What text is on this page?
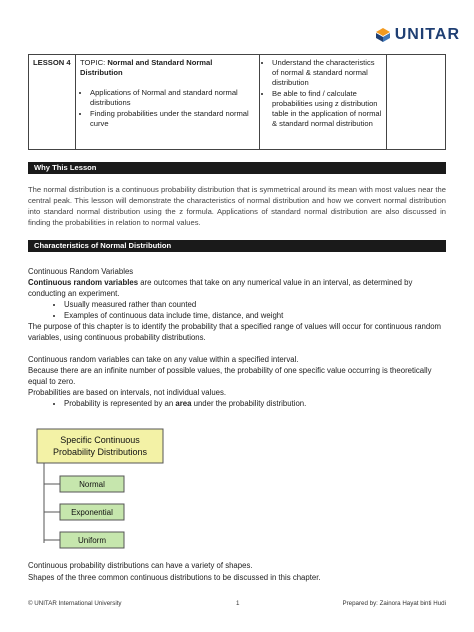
UNITAR
LESSON 4	TOPIC: Normal and Standard Normal Distribution
• Applications of Normal and standard normal distributions
• Finding probabilities under the standard normal curve

• Understand the characteristics of normal & standard normal distribution
• Be able to find / calculate probabilities using z distribution table in the application of normal & standard normal distribution

Why This Lesson
The normal distribution is a continuous probability distribution that is symmetrical around its mean with most values near the central peak. This lesson will demonstrate the characteristics of normal distribution and how we convert normal distribution into standard normal distribution using the z formula. Applications of standard normal distribution are also discussed in finding the probabilities in relation to normal values.
Characteristics of Normal Distribution

Continuous Random Variables

Continuous random variables are outcomes that take on any numerical value in an interval, as determined by conducting an experiment.

• Usually measured rather than counted
• Examples of continuous data include time, distance, and weight

The purpose of this chapter is to identify the probability that a specified range of values will occur for continuous random variables, using continuous probability distributions.

Continuous random variables can take on any value within a specified interval.

Because there are an infinite number of possible values, the probability of one specific value occurring is theoretically equal to zero.

Probabilities are based on intervals, not individual values.

• Probability is represented by an area under the probability distribution.
Specific Continuous
Probability Distributions
Normal
Exponential
Uniform
Continuous probability distributions can have a variety of shapes.
Shapes of the three common continuous distributions to be discussed in this chapter.
© UNITAR International University	1	Prepared by: Zainora Hayat binti Hudi
